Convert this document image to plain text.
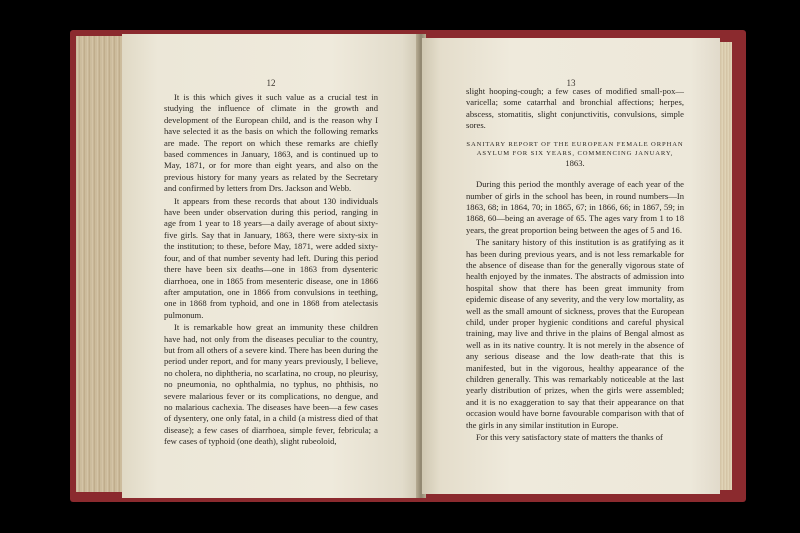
12

It is this which gives it such value as a crucial test in studying the influence of climate in the growth and development of the European child, and is the reason why I have selected it as the basis on which the following remarks are made. The report on which these remarks are chiefly based commences in January, 1863, and is continued up to May, 1871, or for more than eight years, and also on the previous history for many years as related by the Secretary and confirmed by letters from Drs. Jackson and Webb.

It appears from these records that about 130 individuals have been under observation during this period, ranging in age from 1 year to 18 years—a daily average of about sixty-five girls. Say that in January, 1863, there were sixty-six in the institution; to these, before May, 1871, were added sixty-four, and of that number seventy had left. During this period there have been six deaths—one in 1863 from dysenteric diarrhoea, one in 1865 from mesenteric disease, one in 1866 after amputation, one in 1866 from convulsions in teething, one in 1868 from typhoid, and one in 1868 from atelectasis pulmonum.

It is remarkable how great an immunity these children have had, not only from the diseases peculiar to the country, but from all others of a severe kind. There has been during the period under report, and for many years previously, I believe, no cholera, no diphtheria, no scarlatina, no croup, no pleurisy, no pneumonia, no ophthalmia, no typhus, no phthisis, no severe malarious fever or its complications, no dengue, and no malarious cachexia. The diseases have been—a few cases of dysentery, one only fatal, in a child (a mistress died of that disease); a few cases of diarrhoea, simple fever, febricula; a few cases of typhoid (one death), slight rubeoloid,

13

slight hooping-cough; a few cases of modified small-pox—varicella; some catarrhal and bronchial affections; herpes, abscess, stomatitis, slight conjunctivitis, convulsions, simple sores.

SANITARY REPORT OF THE EUROPEAN FEMALE ORPHAN ASYLUM FOR SIX YEARS, COMMENCING JANUARY, 1863.

During this period the monthly average of each year of the number of girls in the school has been, in round numbers—In 1863, 68; in 1864, 70; in 1865, 67; in 1866, 66; in 1867, 59; in 1868, 60—being an average of 65. The ages vary from 1 to 18 years, the great proportion being between the ages of 5 and 16.

The sanitary history of this institution is as gratifying as it has been during previous years, and is not less remarkable for the absence of disease than for the generally vigorous state of health enjoyed by the inmates. The abstracts of admission into hospital show that there has been great immunity from epidemic disease of any severity, and the very low mortality, as well as the small amount of sickness, proves that the European child, under proper hygienic conditions and careful physical training, may live and thrive in the plains of Bengal almost as well as in its native country. It is not merely in the absence of any serious disease and the low death-rate that this is manifested, but in the vigorous, healthy appearance of the children generally. This was remarkably noticeable at the last yearly distribution of prizes, when the girls were assembled; and it is no exaggeration to say that their appearance on that occasion would have borne favourable comparison with that of the girls in any similar institution in Europe.

For this very satisfactory state of matters the thanks of
